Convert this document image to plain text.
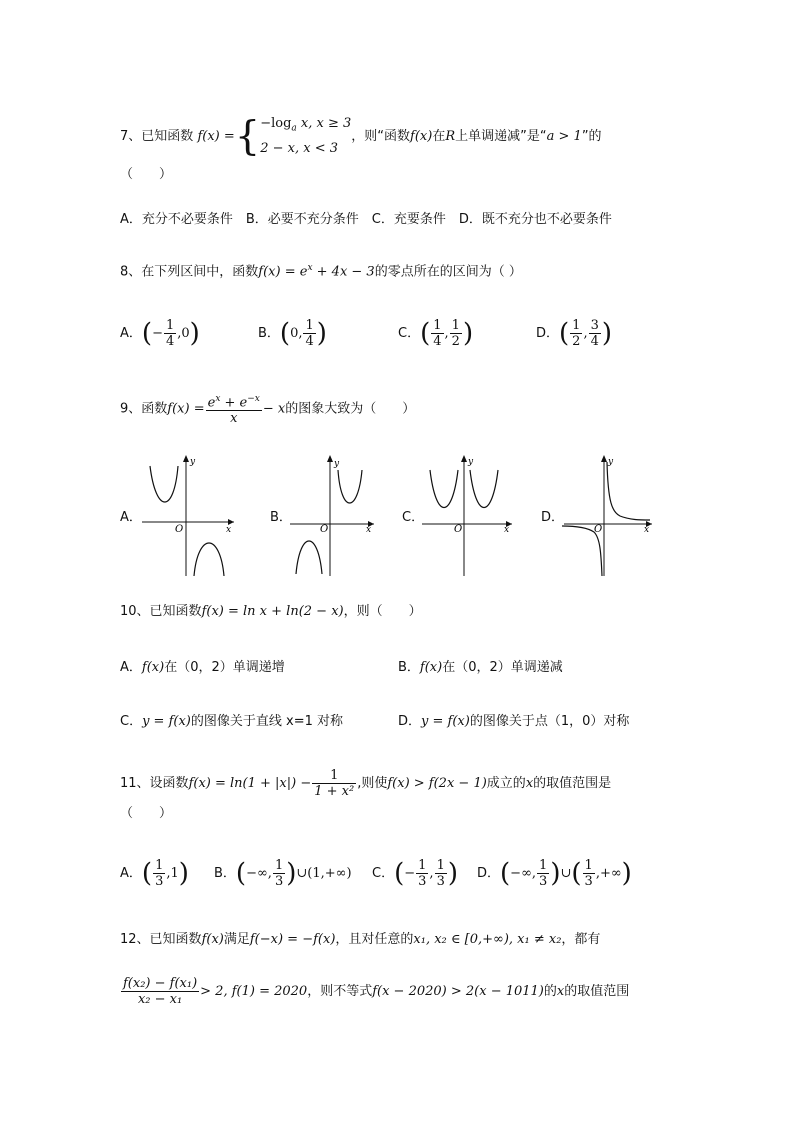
7、已知函数 f(x) ={ $-\log_a$ x, x ≥ 3
2 − x, x < 3
，则“函数f(x)在R上单调递减”是“a > 1”的
（　　）
A．充分不必要条件　B．必要不充分条件　C．充要条件　D．既不充分也不必要条件
8、在下列区间中，函数$f(x) = e^x + 4x - 3$的零点所在的区间为（ ）
A．(− $\frac{1}{4} ,0$)	B．(0, $\frac{1}{4}$ )	C．( $\frac{1}{4}$ , $\frac{1}{2}$ )	D．( $\frac{1}{2}$ , $\frac{3}{4}$ )
9、函数$f(x) = \frac{e^x + e^{-x}}{x} - x$的图象大致为（　　）
A．
y
x
O
B．
y
x
O
C．
y
x
O
D．
y
x
O
10、已知函数f(x) = ln x + ln(2 − x)，则（　　）
A．f(x)在（0，2）单调递增	B．f(x)在（0，2）单调递减
C．y = f(x)的图像关于直线 x=1 对称	D．y = f(x)的图像关于点（1，0）对称
11、设函数$f(x) = \ln(1 + |x|) - \frac{1}{\text{1 + x²}}$ ,则使f(x) > f(2x − 1)成立的x的取值范围是
（　　）
A．( $\frac{1}{3} ,1$) B．(−∞, $\frac{1}{3}$ )∪(1,+∞) C．(− $\frac{1}{3}$ , $\frac{1}{3}$ ) D．(−∞, $\frac{1}{3}$ )∪( $\frac{1}{3}$ ,+∞)
12、已知函数f(x)满足f(−x) = −f(x)，且对任意的x₁, x₂ ∈ [0,+∞), x₁ ≠ x₂，都有
$\frac{\text{f(x₂) − f(x₁)}}{\text{x₂ − x₁}} > 2$, f(1) = 2020，则不等式f(x − 2020) > 2(x − 1011)的x的取值范围
